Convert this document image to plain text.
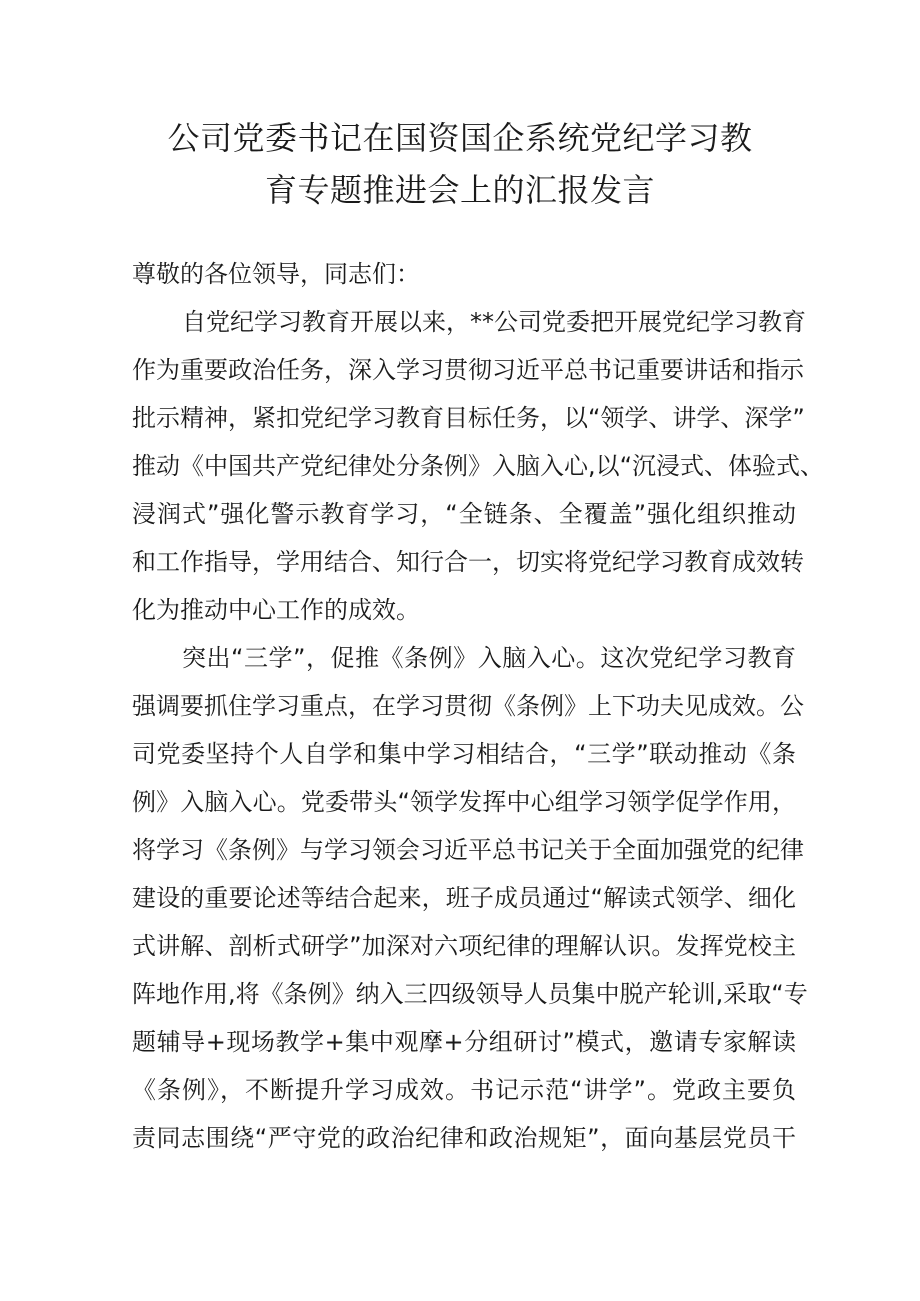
公司党委书记在国资国企系统党纪学习教
育专题推进会上的汇报发言
尊敬的各位领导，同志们：
自党纪学习教育开展以来，**公司党委把开展党纪学习教育
作为重要政治任务，深入学习贯彻习近平总书记重要讲话和指示
批示精神，紧扣党纪学习教育目标任务，以“领学、讲学、深学”
推动《中国共产党纪律处分条例》入脑入心,以“沉浸式、体验式、
浸润式”强化警示教育学习，“全链条、全覆盖”强化组织推动
和工作指导，学用结合、知行合一，切实将党纪学习教育成效转
化为推动中心工作的成效。
突出“三学”，促推《条例》入脑入心。这次党纪学习教育
强调要抓住学习重点，在学习贯彻《条例》上下功夫见成效。公
司党委坚持个人自学和集中学习相结合，“三学”联动推动《条
例》入脑入心。党委带头“领学发挥中心组学习领学促学作用，
将学习《条例》与学习领会习近平总书记关于全面加强党的纪律
建设的重要论述等结合起来，班子成员通过“解读式领学、细化
式讲解、剖析式研学”加深对六项纪律的理解认识。发挥党校主
阵地作用,将《条例》纳入三四级领导人员集中脱产轮训,采取“专
题辅导+现场教学+集中观摩+分组研讨”模式，邀请专家解读
《条例》，不断提升学习成效。书记示范“讲学”。党政主要负
责同志围绕“严守党的政治纪律和政治规矩”，面向基层党员干
